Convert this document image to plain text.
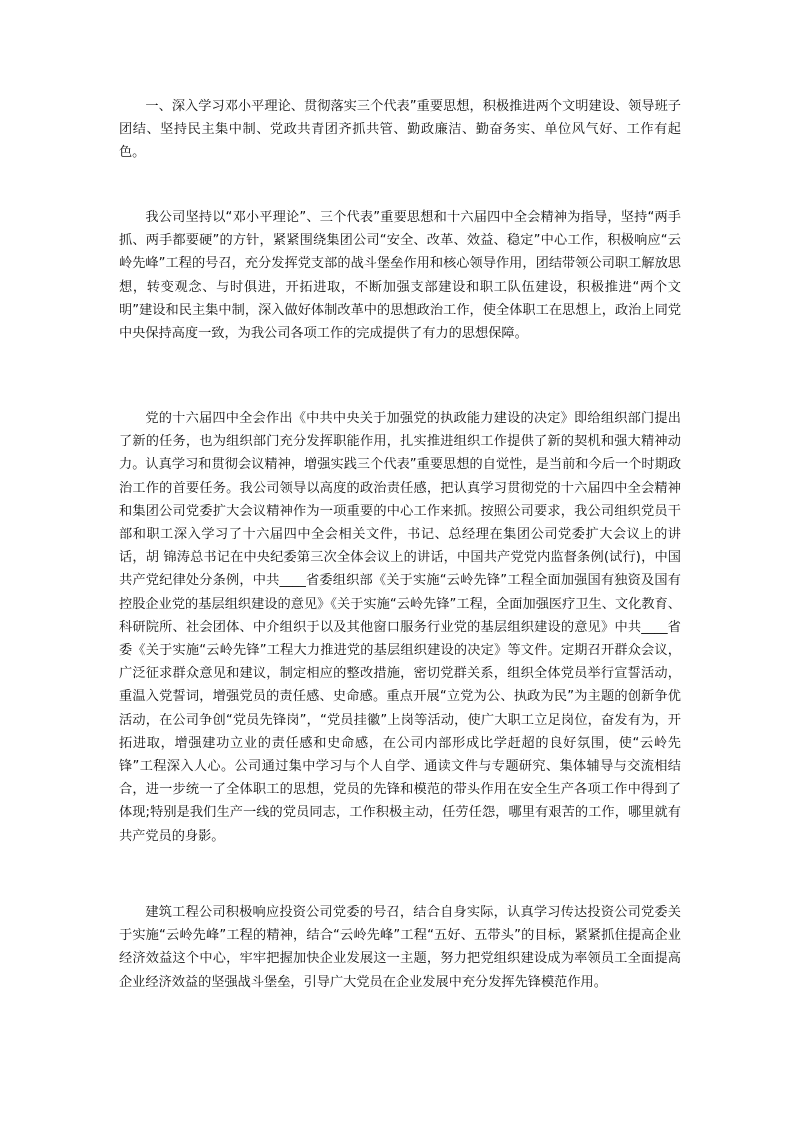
一、深入学习邓小平理论、贯彻落实三个代表”重要思想，积极推进两个文明建设、领导班子团结、坚持民主集中制、党政共青团齐抓共管、勤政廉洁、勤奋务实、单位风气好、工作有起色。

我公司坚持以“邓小平理论”、三个代表”重要思想和十六届四中全会精神为指导，坚持“两手抓、两手都要硬”的方针，紧紧围绕集团公司“安全、改革、效益、稳定”中心工作，积极响应“云岭先峰”工程的号召，充分发挥党支部的战斗堡垒作用和核心领导作用，团结带领公司职工解放思想，转变观念、与时俱进，开拓进取，不断加强支部建设和职工队伍建设，积极推进“两个文明”建设和民主集中制，深入做好体制改革中的思想政治工作，使全体职工在思想上，政治上同党中央保持高度一致，为我公司各项工作的完成提供了有力的思想保障。

党的十六届四中全会作出《中共中央关于加强党的执政能力建设的决定》即给组织部门提出了新的任务，也为组织部门充分发挥职能作用，扎实推进组织工作提供了新的契机和强大精神动力。认真学习和贯彻会议精神，增强实践三个代表”重要思想的自觉性，是当前和今后一个时期政治工作的首要任务。我公司领导以高度的政治责任感，把认真学习贯彻党的十六届四中全会精神和集团公司党委扩大会议精神作为一项重要的中心工作来抓。按照公司要求，我公司组织党员干部和职工深入学习了十六届四中全会相关文件，书记、总经理在集团公司党委扩大会议上的讲话，胡 锦涛总书记在中央纪委第三次全体会议上的讲话，中国共产党党内监督条例(试行)，中国共产党纪律处分条例，中共____省委组织部《关于实施“云岭先锋”工程全面加强国有独资及国有控股企业党的基层组织建设的意见》《关于实施“云岭先锋”工程，全面加强医疗卫生、文化教育、科研院所、社会团体、中介组织于以及其他窗口服务行业党的基层组织建设的意见》中共____省委《关于实施“云岭先锋”工程大力推进党的基层组织建设的决定》等文件。定期召开群众会议，广泛征求群众意见和建议，制定相应的整改措施，密切党群关系，组织全体党员举行宣誓活动，重温入党誓词，增强党员的责任感、史命感。重点开展“立党为公、执政为民”为主题的创新争优活动，在公司争创“党员先锋岗”，“党员挂徽”上岗等活动，使广大职工立足岗位，奋发有为，开拓进取，增强建功立业的责任感和史命感，在公司内部形成比学赶超的良好氛围，使“云岭先锋”工程深入人心。公司通过集中学习与个人自学、通读文件与专题研究、集体辅导与交流相结合，进一步统一了全体职工的思想，党员的先锋和模范的带头作用在安全生产各项工作中得到了体现;特别是我们生产一线的党员同志，工作积极主动，任劳任怨，哪里有艰苦的工作，哪里就有共产党员的身影。

建筑工程公司积极响应投资公司党委的号召，结合自身实际，认真学习传达投资公司党委关于实施“云岭先峰”工程的精神，结合“云岭先峰”工程“五好、五带头”的目标，紧紧抓住提高企业经济效益这个中心，牢牢把握加快企业发展这一主题，努力把党组织建设成为率领员工全面提高企业经济效益的坚强战斗堡垒，引导广大党员在企业发展中充分发挥先锋模范作用。
